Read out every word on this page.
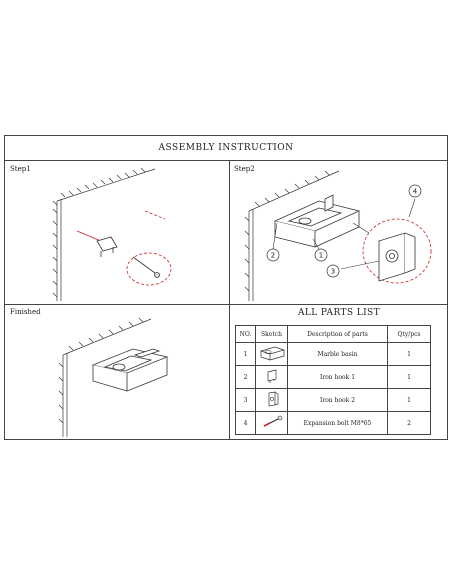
ASSEMBLY INSTRUCTION
Step1	Step2
2	1
3
4
Finished	ALL PARTS LIST
NO.	Sketch	Description of parts	Qty/pcs
1		Marble basin	1
2		Iron hook 1	1
3		Iron hook 2	1
4		Expansion bolt M8*65	2
